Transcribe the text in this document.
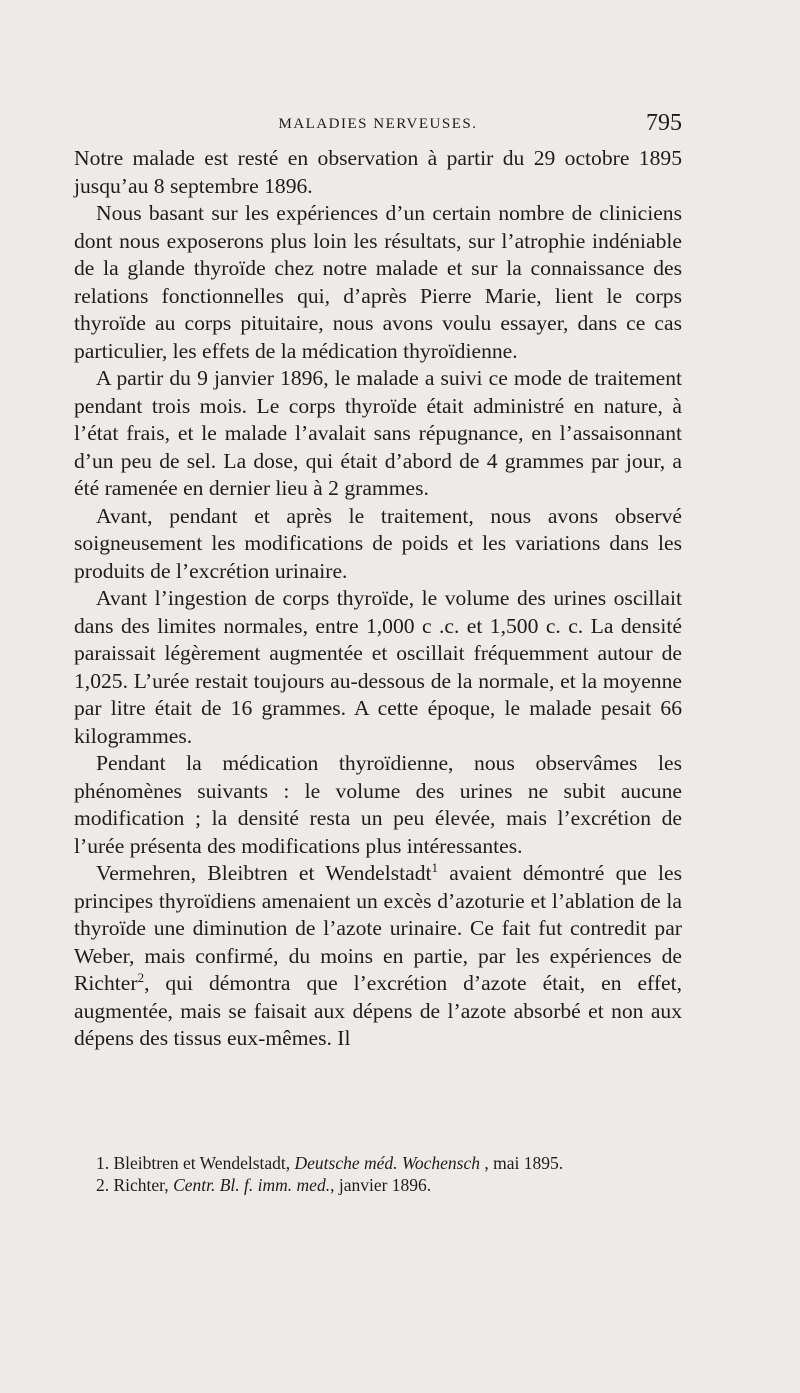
MALADIES NERVEUSES.	795

Notre malade est resté en observation à partir du 29 octobre 1895 jusqu’au 8 septembre 1896.

Nous basant sur les expériences d’un certain nombre de cliniciens dont nous exposerons plus loin les résultats, sur l’atrophie indéniable de la glande thyroïde chez notre malade et sur la connaissance des relations fonctionnelles qui, d’après Pierre Marie, lient le corps thyroïde au corps pituitaire, nous avons voulu essayer, dans ce cas particulier, les effets de la médication thyroïdienne.

A partir du 9 janvier 1896, le malade a suivi ce mode de traitement pendant trois mois. Le corps thyroïde était administré en nature, à l’état frais, et le malade l’avalait sans répugnance, en l’assaisonnant d’un peu de sel. La dose, qui était d’abord de 4 grammes par jour, a été ramenée en dernier lieu à 2 grammes.

Avant, pendant et après le traitement, nous avons observé soigneusement les modifications de poids et les variations dans les produits de l’excrétion urinaire.

Avant l’ingestion de corps thyroïde, le volume des urines oscillait dans des limites normales, entre 1,000 c .c. et 1,500 c. c. La densité paraissait légèrement augmentée et oscillait fréquemment autour de 1,025. L’urée restait toujours au-dessous de la normale, et la moyenne par litre était de 16 grammes. A cette époque, le malade pesait 66 kilogrammes.

Pendant la médication thyroïdienne, nous observâmes les phénomènes suivants : le volume des urines ne subit aucune modification ; la densité resta un peu élevée, mais l’excrétion de l’urée présenta des modifications plus intéressantes.

Vermehren, Bleibtren et Wendelstadt$^1$ avaient démontré que les principes thyroïdiens amenaient un excès d’azoturie et l’ablation de la thyroïde une diminution de l’azote urinaire. Ce fait fut contredit par Weber, mais confirmé, du moins en partie, par les expériences de Richter$^2$, qui démontra que l’excrétion d’azote était, en effet, augmentée, mais se faisait aux dépens de l’azote absorbé et non aux dépens des tissus eux-mêmes. Il

1. Bleibtren et Wendelstadt, Deutsche méd. Wochensch , mai 1895.

2. Richter, Centr. Bl. f. imm. med., janvier 1896.
